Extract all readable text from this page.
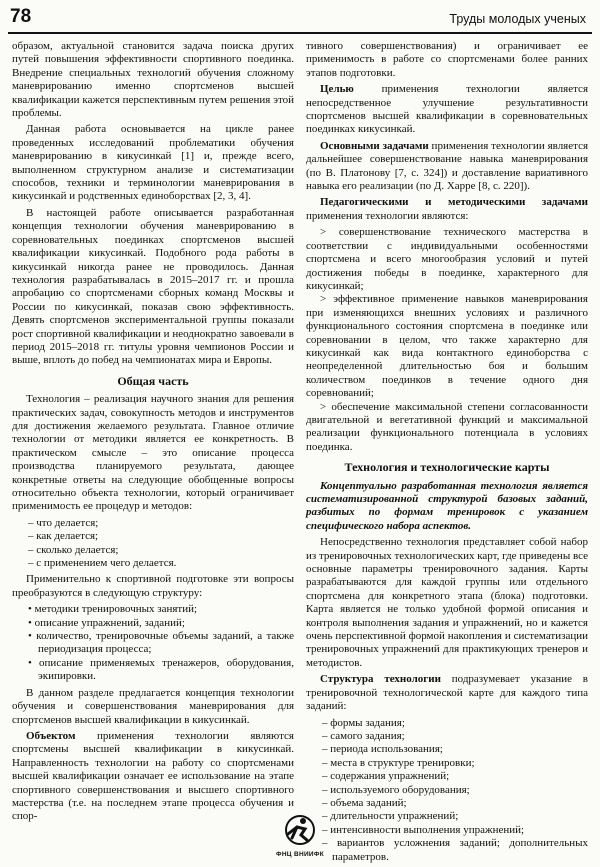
78	Труды молодых ученых

образом, актуальной становится задача поиска других путей повышения эффективности спортивного поединка. Внедрение специальных технологий обучения сложному маневрированию именно спортсменов высшей квалификации кажется перспективным путем решения этой проблемы.

Данная работа основывается на цикле ранее проведенных исследований проблематики обучения маневрированию в кикусинкай [1] и, прежде всего, выполненном структурном анализе и систематизации способов, техники и терминологии маневрирования в кикусинкай и родственных единоборствах [2, 3, 4].

В настоящей работе описывается разработанная концепция технологии обучения маневрированию в соревновательных поединках спортсменов высшей квалификации кикусинкай. Подобного рода работы в кикусинкай никогда ранее не проводилось. Данная технология разрабатывалась в 2015–2017 гг. и прошла апробацию со спортсменами сборных команд Москвы и России по кикусинкай, показав свою эффективность. Девять спортсменов экспериментальной группы показали рост спортивной квалификации и неоднократно завоевали в период 2015–2018 гг. титулы уровня чемпионов России и выше, вплоть до побед на чемпионатах мира и Европы.

Общая часть

Технология – реализация научного знания для решения практических задач, совокупность методов и инструментов для достижения желаемого результата. Главное отличие технологии от методики является ее конкретность. В практическом смысле – это описание процесса производства планируемого результата, дающее конкретные ответы на следующие обобщенные вопросы относительно объекта технологии, который ограничивает применимость ее процедур и методов:

– что делается;
– как делается;
– сколько делается;
– с применением чего делается.

Применительно к спортивной подготовке эти вопросы преобразуются в следующую структуру:

• методики тренировочных занятий;
• описание упражнений, заданий;
• количество, тренировочные объемы заданий, а также периодизация процесса;
• описание применяемых тренажеров, оборудования, экипировки.

В данном разделе предлагается концепция технологии обучения и совершенствования маневрирования для спортсменов высшей квалификации в кикусинкай.

Объектом применения технологии являются спортсмены высшей квалификации в кикусинкай. Направленность технологии на работу со спортсменами высшей квалификации означает ее использование на этапе спортивного совершенствования и высшего спортивного мастерства (т.е. на последнем этапе процесса обучения и спор-

тивного совершенствования) и ограничивает ее применимость в работе со спортсменами более ранних этапов подготовки.

Целью применения технологии является непосредственное улучшение результативности спортсменов высшей квалификации в соревновательных поединках кикусинкай.

Основными задачами применения технологии является дальнейшее совершенствование навыка маневрирования (по В. Платонову [7, с. 324]) и доставление вариативного навыка его реализации (по Д. Харре [8, с. 220]).

Педагогическими и методическими задачами применения технологии являются:

> совершенствование технического мастерства в соответствии с индивидуальными особенностями спортсмена и всего многообразия условий и путей достижения победы в поединке, характерного для кикусинкай;
> эффективное применение навыков маневрирования при изменяющихся внешних условиях и различного функционального состояния спортсмена в поединке или соревновании в целом, что также характерно для кикусинкай как вида контактного единоборства с неопределенной длительностью боя и большим количеством поединков в течение одного дня соревнований;
> обеспечение максимальной степени согласованности двигательной и вегетативной функций и максимальной реализации функционального потенциала в условиях поединка.
Технология и технологические карты

Концептуально разработанная технология является систематизированной структурой базовых заданий, разбитых по формам тренировок с указанием специфического набора аспектов.

Непосредственно технология представляет собой набор из тренировочных технологических карт, где приведены все основные параметры тренировочного задания. Карты разрабатываются для каждой группы или отдельного спортсмена для конкретного этапа (блока) подготовки. Карта является не только удобной формой описания и контроля выполнения задания и упражнений, но и кажется очень перспективной формой накопления и систематизации тренировочных упражнений для практикующих тренеров и методистов.

Структура технологии подразумевает указание в тренировочной технологической карте для каждого типа заданий:

– формы задания;
– самого задания;
– периода использования;
– места в структуре тренировки;
– содержания упражнений;
– используемого оборудования;
– объема заданий;
– длительности упражнений;
– интенсивности выполнения упражнений;
– вариантов усложнения заданий; дополнительных параметров.
ФНЦ ВНИИФК
